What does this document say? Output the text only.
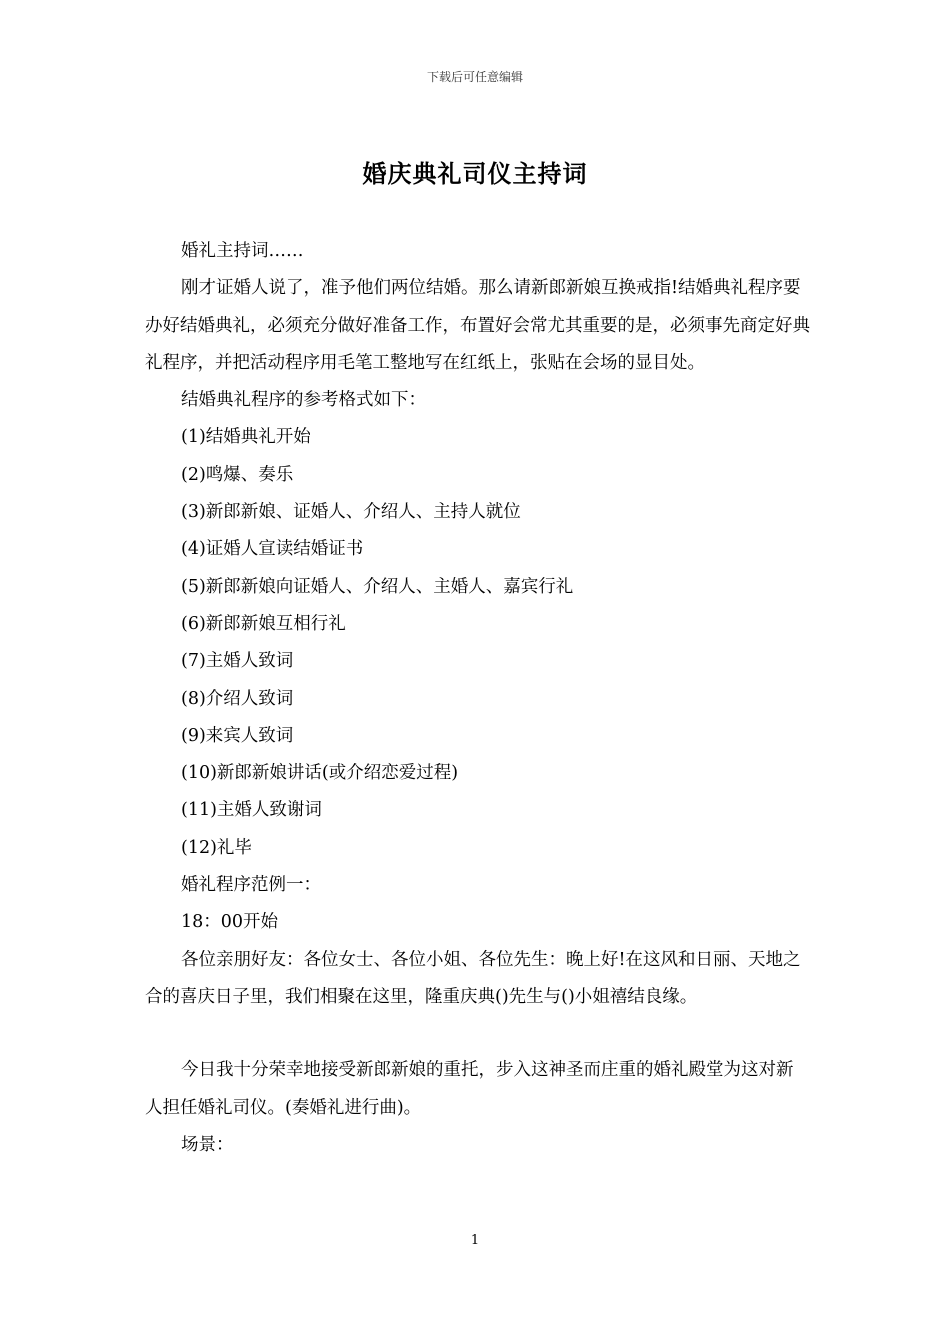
下载后可任意编辑
婚庆典礼司仪主持词

婚礼主持词……

刚才证婚人说了，准予他们两位结婚。那么请新郎新娘互换戒指!结婚典礼程序要办好结婚典礼，必须充分做好准备工作，布置好会常尤其重要的是，必须事先商定好典礼程序，并把活动程序用毛笔工整地写在红纸上，张贴在会场的显目处。

结婚典礼程序的参考格式如下：

(1)结婚典礼开始

(2)鸣爆、奏乐

(3)新郎新娘、证婚人、介绍人、主持人就位

(4)证婚人宣读结婚证书

(5)新郎新娘向证婚人、介绍人、主婚人、嘉宾行礼

(6)新郎新娘互相行礼

(7)主婚人致词

(8)介绍人致词

(9)来宾人致词

(10)新郎新娘讲话(或介绍恋爱过程)

(11)主婚人致谢词

(12)礼毕

婚礼程序范例一：

18：00开始

各位亲朋好友：各位女士、各位小姐、各位先生：晚上好!在这风和日丽、天地之合的喜庆日子里，我们相聚在这里，隆重庆典()先生与()小姐禧结良缘。

今日我十分荣幸地接受新郎新娘的重托，步入这神圣而庄重的婚礼殿堂为这对新人担任婚礼司仪。(奏婚礼进行曲)。

场景：

1
